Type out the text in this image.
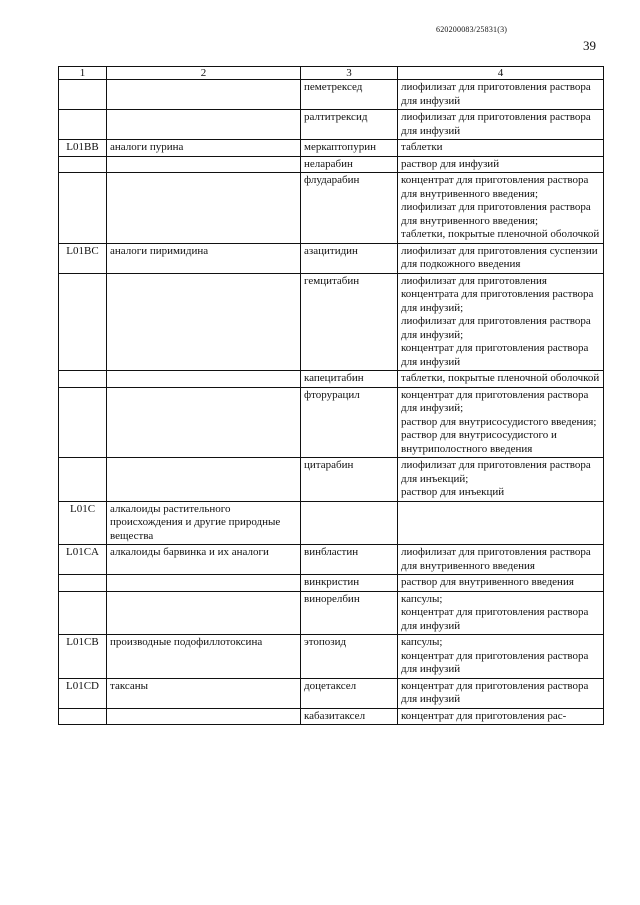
620200083/25831(3)
39
1	2	3	4
		пеметрексед	лиофилизат для приготовления раствора для инфузий

		ралтитрексид	лиофилизат для приготовления раствора для инфузий

L01BB	аналоги пурина	меркаптопурин	таблетки

		неларабин	раствор для инфузий

		флударабин	концентрат для приготовления раствора для внутривенного введения;
лиофилизат для приготовления раствора для внутривенного введения;
таблетки, покрытые пленочной оболочкой

L01BC	аналоги пиримидина	азацитидин	лиофилизат для приготовления суспензии для подкожного введения

		гемцитабин	лиофилизат для приготовления концентрата для приготовления раствора для инфузий;
лиофилизат для приготовления раствора для инфузий;
концентрат для приготовления раствора для инфузий

		капецитабин	таблетки, покрытые пленочной оболочкой

		фторурацил	концентрат для приготовления раствора для инфузий;
раствор для внутрисосудистого введения;
раствор для внутрисосудистого и внутриполостного введения

		цитарабин	лиофилизат для приготовления раствора для инъекций;
раствор для инъекций

L01C	алкалоиды растительного происхождения и другие природные вещества		
L01CA	алкалоиды барвинка и их аналоги	винбластин	лиофилизат для приготовления раствора для внутривенного введения

		винкристин	раствор для внутривенного введения

		винорелбин	капсулы;
концентрат для приготовления раствора для инфузий

L01CB	производные подофиллотоксина	этопозид	капсулы;
концентрат для приготовления раствора для инфузий

L01CD	таксаны	доцетаксел	концентрат для приготовления раствора для инфузий

		кабазитаксел	концентрат для приготовления рас-
